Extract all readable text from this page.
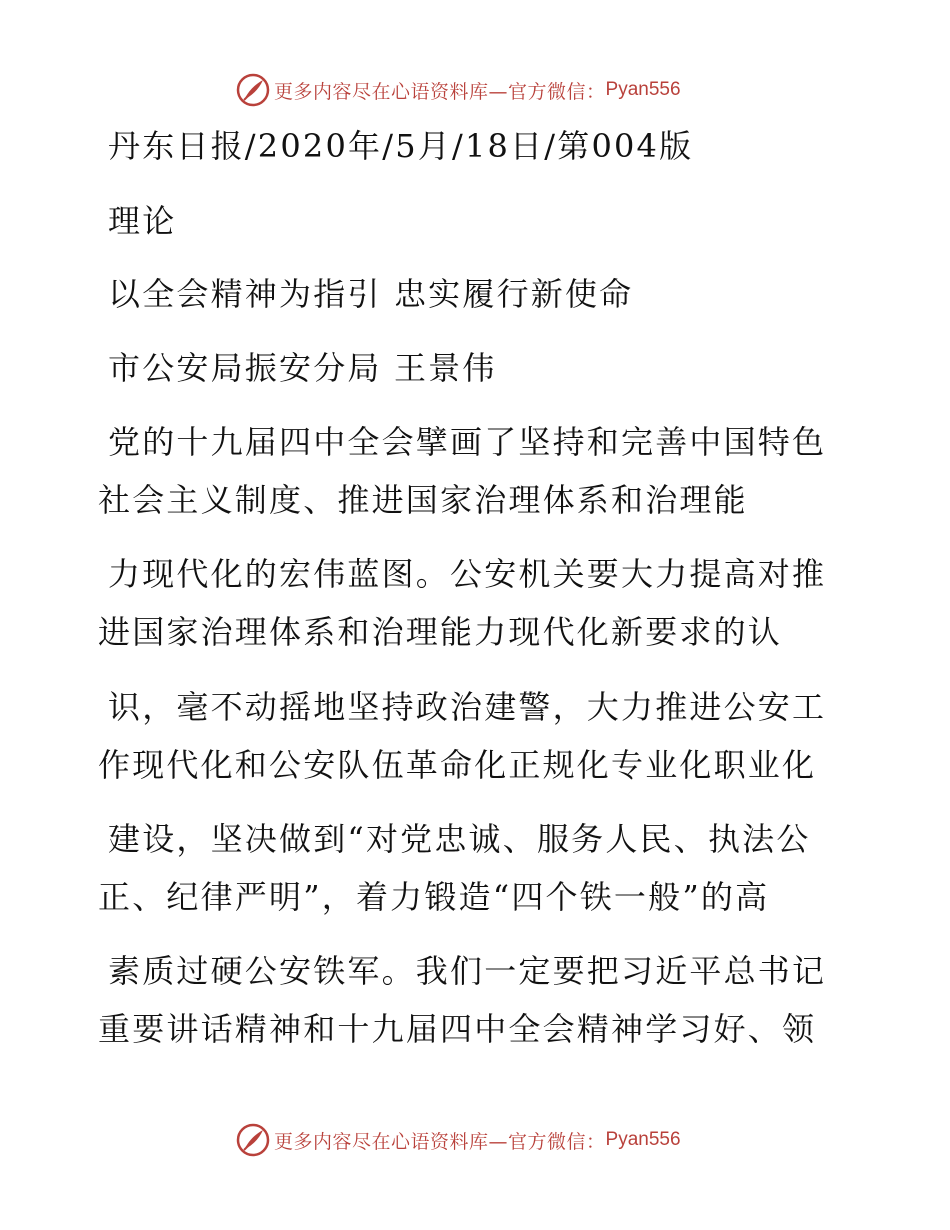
更多内容尽在心语资料库—官方微信： Pyan556
丹东日报/2020年/5月/18日/第004版
理论
以全会精神为指引 忠实履行新使命
市公安局振安分局 王景伟
党的十九届四中全会擘画了坚持和完善中国特色
社会主义制度、推进国家治理体系和治理能
力现代化的宏伟蓝图。公安机关要大力提高对推
进国家治理体系和治理能力现代化新要求的认
识，毫不动摇地坚持政治建警，大力推进公安工
作现代化和公安队伍革命化正规化专业化职业化
建设，坚决做到“对党忠诚、服务人民、执法公
正、纪律严明”，着力锻造“四个铁一般”的高
素质过硬公安铁军。我们一定要把习近平总书记
重要讲话精神和十九届四中全会精神学习好、领
更多内容尽在心语资料库—官方微信： Pyan556
